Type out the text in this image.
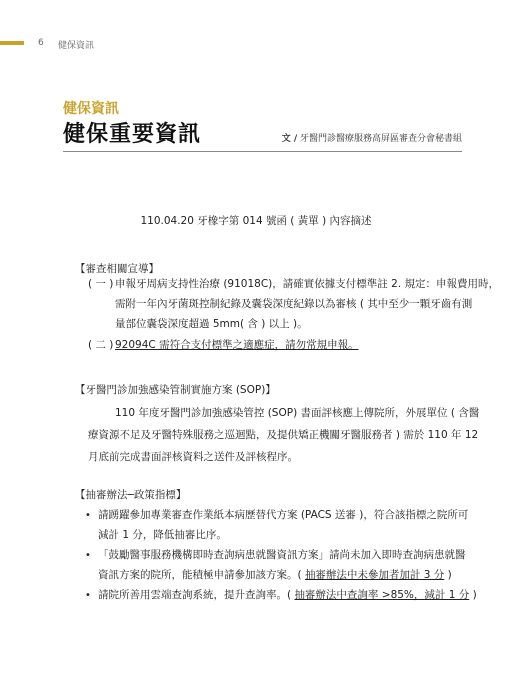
6 健保資訊
健保資訊
健保重要資訊	文 / 牙醫門診醫療服務高屏區審查分會秘書組
110.04.20 牙橡字第 014 號函 ( 黃單 ) 內容摘述
【審查相關宣導】
( 一 ) 申報牙周病支持性治療 (91018C)，請確實依據支付標準註 2. 規定：申報費用時，
需附一年內牙菌斑控制紀錄及囊袋深度紀錄以為審核 ( 其中至少一顆牙齒有測
量部位囊袋深度超過 5mm( 含 ) 以上 )。
( 二 ) 92094C 需符合支付標準之適應症，請勿常規申報。
【牙醫門診加強感染管制實施方案 (SOP)】
110 年度牙醫門診加強感染管控 (SOP) 書面評核應上傳院所，外展單位 ( 含醫
療資源不足及牙醫特殊服務之巡迴點，及提供矯正機關牙醫服務者 ) 需於 110 年 12
月底前完成書面評核資料之送件及評核程序。
【抽審辦法─政策指標】
• 請踴躍參加專業審查作業紙本病歷替代方案 (PACS 送審 )，符合該指標之院所可
減計 1 分，降低抽審比序。
• 「鼓勵醫事服務機構即時查詢病患就醫資訊方案」請尚未加入即時查詢病患就醫
資訊方案的院所，能積極申請參加該方案。( 抽審辦法中未參加者加計 3 分 )
• 請院所善用雲端查詢系統，提升查詢率。( 抽審辦法中查詢率 >85%，減計 1 分 )
